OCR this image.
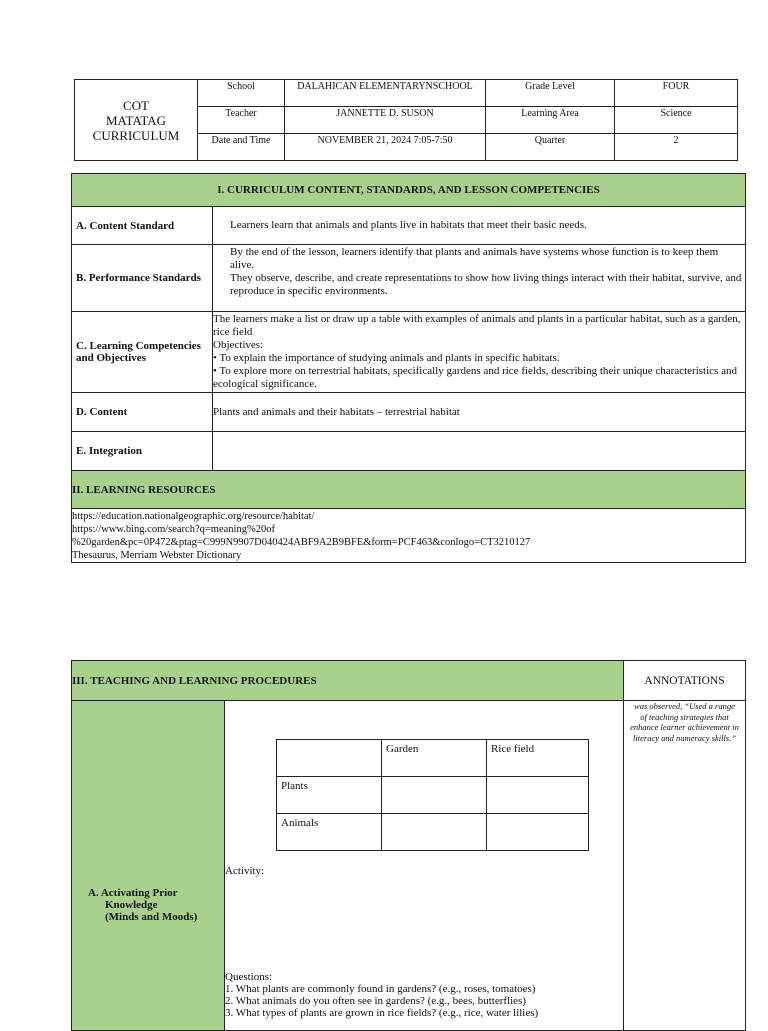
COT
MATATAG
CURRICULUM	School	DALAHICAN ELEMENTARYNSCHOOL	Grade Level	FOUR
	Teacher	JANNETTE D. SUSON	Learning Area	Science
	Date and Time	NOVEMBER 21, 2024 7:05-7:50	Quarter	2
I. CURRICULUM CONTENT, STANDARDS, AND LESSON COMPETENCIES	
A. Content Standard	Learners learn that animals and plants live in habitats that meet their basic needs.
B. Performance Standards	By the end of the lesson, learners identify that plants and animals have systems whose function is to keep them alive.
They observe, describe, and create representations to show how living things interact with their habitat, survive, and
reproduce in specific environments.

C. Learning Competencies and Objectives	The learners make a list or draw up a table with examples of animals and plants in a particular habitat, such as a garden, rice field
Objectives:
• To explain the importance of studying animals and plants in specific habitats.
• To explore more on terrestrial habitats, specifically gardens and rice fields, describing their unique characteristics and ecological significance.

D. Content	Plants and animals and their habitats – terrestrial habitat
E. Integration	
II. LEARNING RESOURCES	

https://education.nationalgeographic.org/resource/habitat/
https://www.bing.com/search?q=meaning%20of
%20garden&pc=0P472&ptag=C999N9907D040424ABF9A2B9BFE&form=PCF463&conlogo=CT3210127
Thesaurus, Merriam Webster Dictionary	
III. TEACHING AND LEARNING PROCEDURES	ANNOTATIONS

A. Activating Prior
Knowledge
(Minds and Moods)

	Garden	Rice field
Plants		
Animals		
Activity:
Questions:
1. What plants are commonly found in gardens? (e.g., roses, tomatoes)
2. What animals do you often see in gardens? (e.g., bees, butterflies)
3. What types of plants are grown in rice fields? (e.g., rice, water lilies)
	was observed, “Used a range of teaching strategies that enhance learner achievement in literacy and numeracy skills.”
